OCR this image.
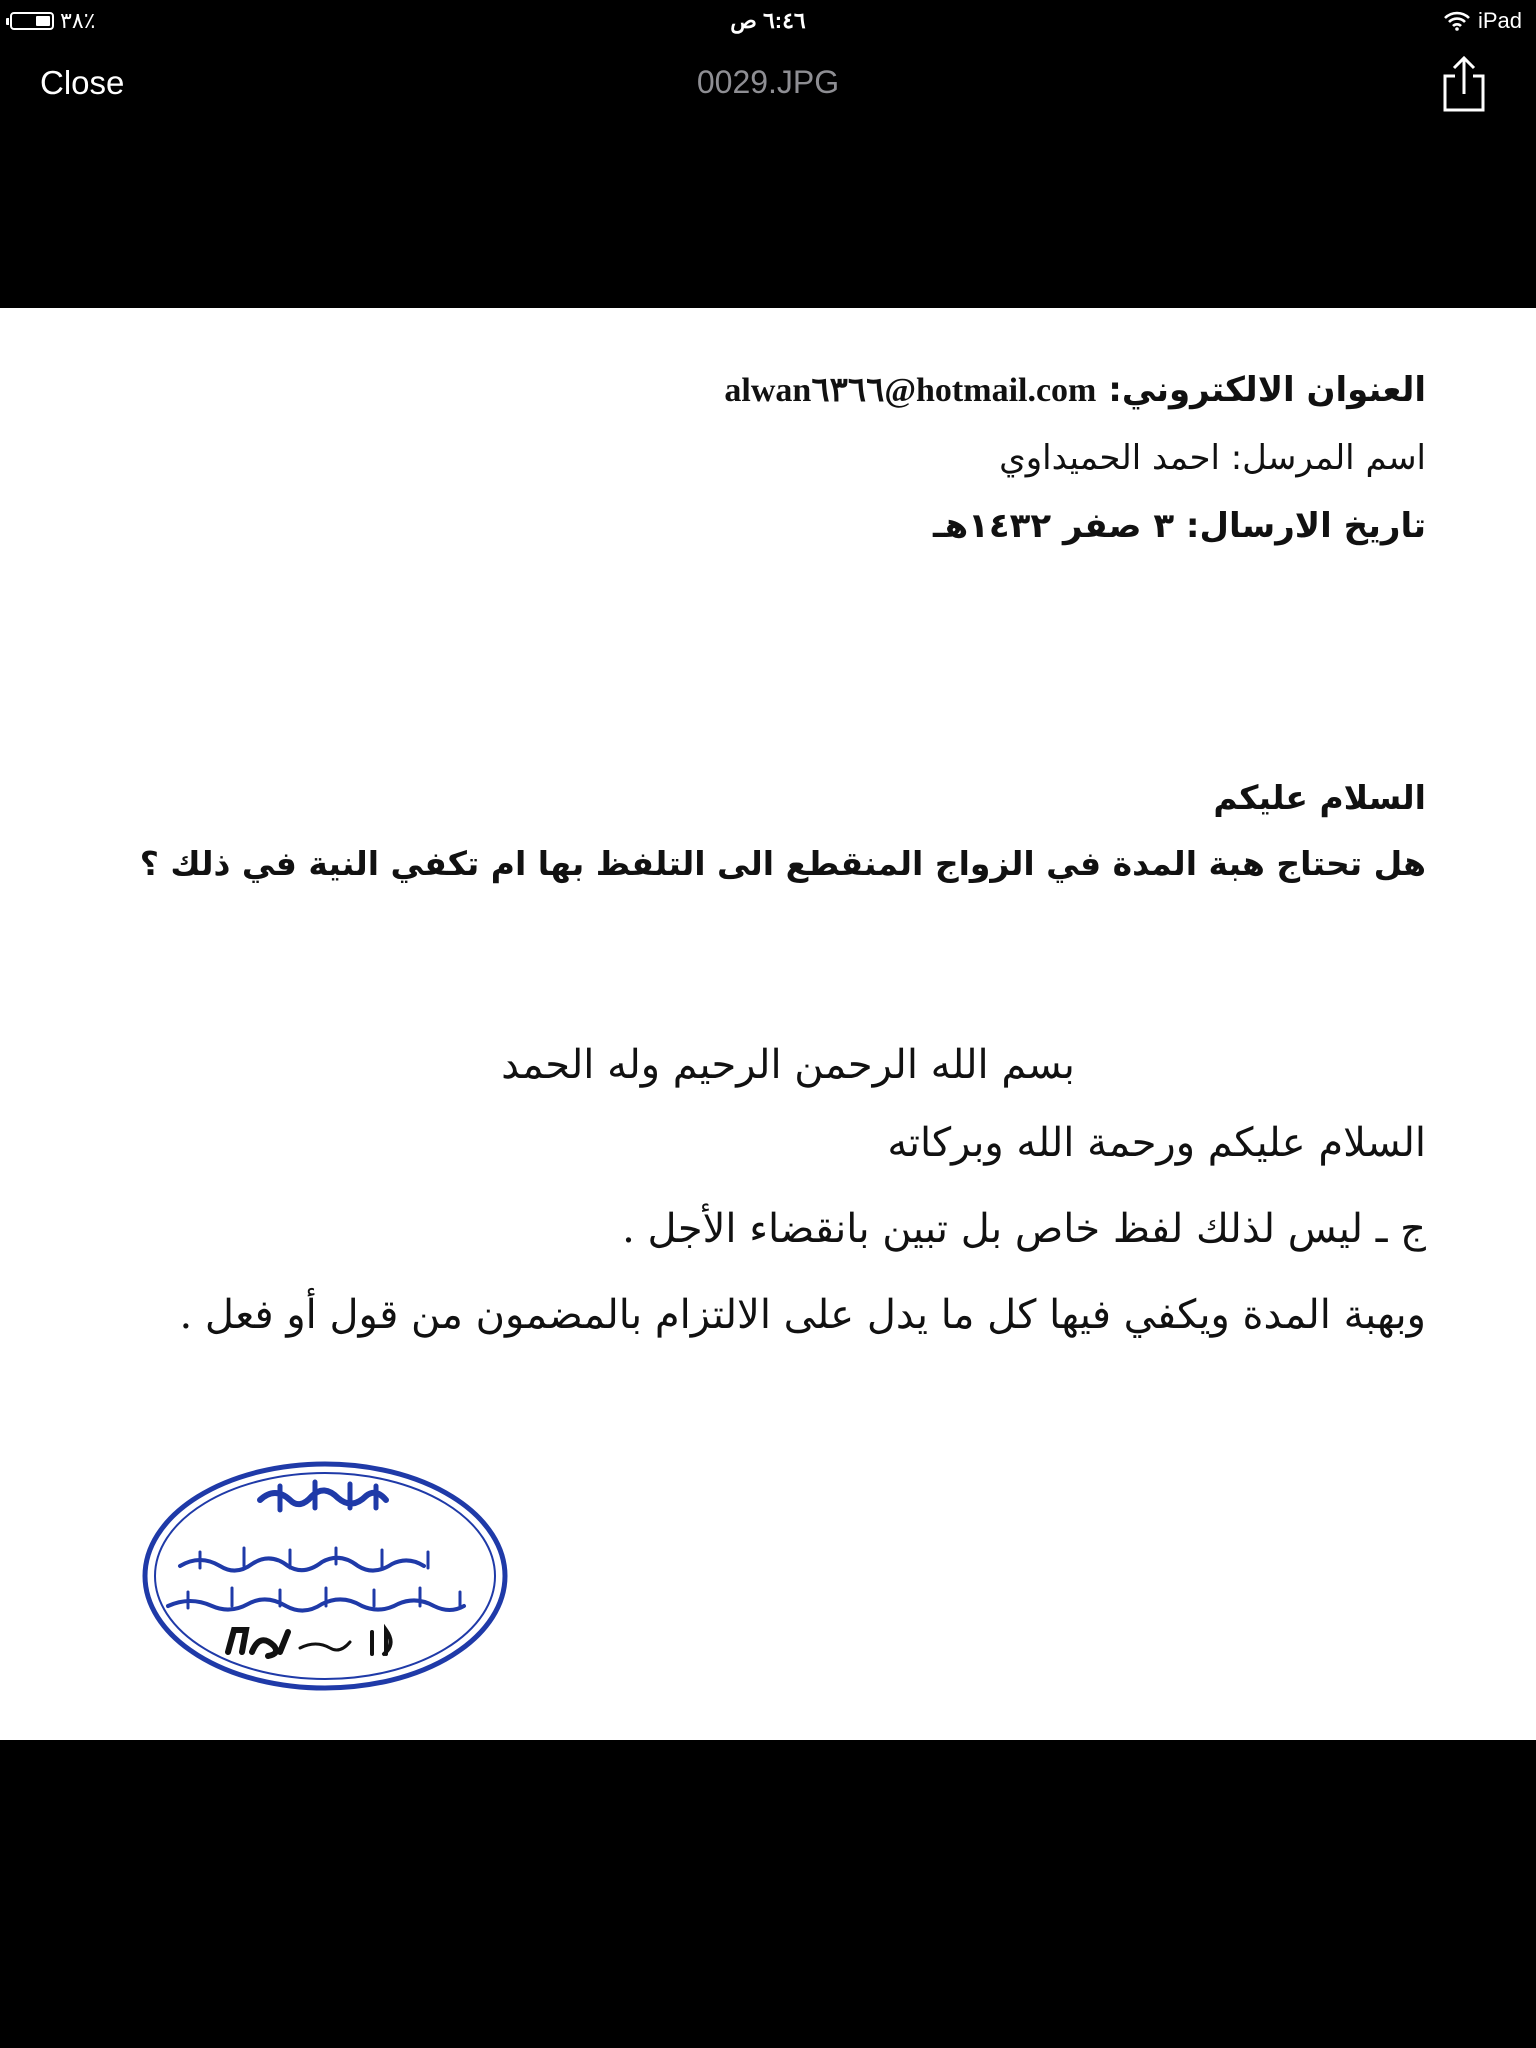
٣٨٪	٦:٤٦ ص	iPad
Close	0029.JPG
العنوان الالكتروني: alwan٦٣٦٦@hotmail.com
اسم المرسل: احمد الحميداوي
تاريخ الارسال: ٣ صفر ١٤٣٢هـ
السلام عليكم
هل تحتاج هبة المدة في الزواج المنقطع الى التلفظ بها ام تكفي النية في ذلك ؟
بسم الله الرحمن الرحيم وله الحمد
السلام عليكم ورحمة الله وبركاته
ج ـ ليس لذلك لفظ خاص بل تبين بانقضاء الأجل .
وبهبة المدة ويكفي فيها كل ما يدل على الالتزام بالمضمون من قول أو فعل .
